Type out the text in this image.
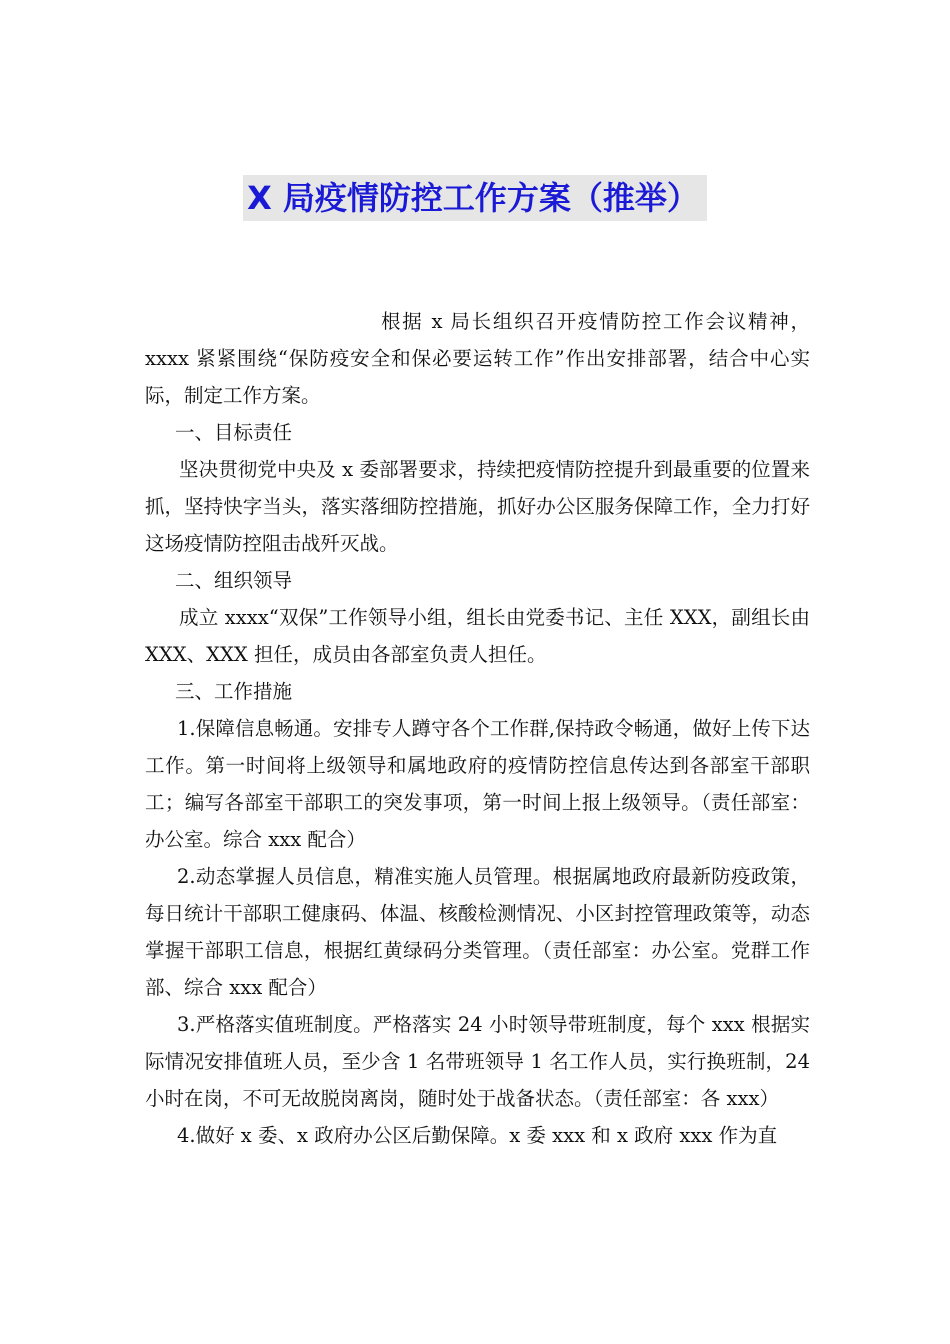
X 局疫情防控工作方案（推举）

根据 x 局长组织召开疫情防控工作会议精神，xxxx 紧紧围绕“保防疫安全和保必要运转工作”作出安排部署，结合中心实际，制定工作方案。

一、目标责任

坚决贯彻党中央及 x 委部署要求，持续把疫情防控提升到最重要的位置来抓，坚持快字当头，落实落细防控措施，抓好办公区服务保障工作，全力打好这场疫情防控阻击战歼灭战。

二、组织领导

成立 xxxx“双保”工作领导小组，组长由党委书记、主任 XXX，副组长由 XXX、XXX 担任，成员由各部室负责人担任。

三、工作措施

1.保障信息畅通。安排专人蹲守各个工作群,保持政令畅通，做好上传下达工作。第一时间将上级领导和属地政府的疫情防控信息传达到各部室干部职工；编写各部室干部职工的突发事项，第一时间上报上级领导。（责任部室：办公室。综合 xxx 配合）

2.动态掌握人员信息，精准实施人员管理。根据属地政府最新防疫政策，每日统计干部职工健康码、体温、核酸检测情况、小区封控管理政策等，动态掌握干部职工信息，根据红黄绿码分类管理。（责任部室：办公室。党群工作部、综合 xxx 配合）

3.严格落实值班制度。严格落实 24 小时领导带班制度，每个 xxx 根据实际情况安排值班人员，至少含 1 名带班领导 1 名工作人员，实行换班制，24 小时在岗，不可无故脱岗离岗，随时处于战备状态。（责任部室：各 xxx）

4.做好 x 委、x 政府办公区后勤保障。x 委 xxx 和 x 政府 xxx 作为直
